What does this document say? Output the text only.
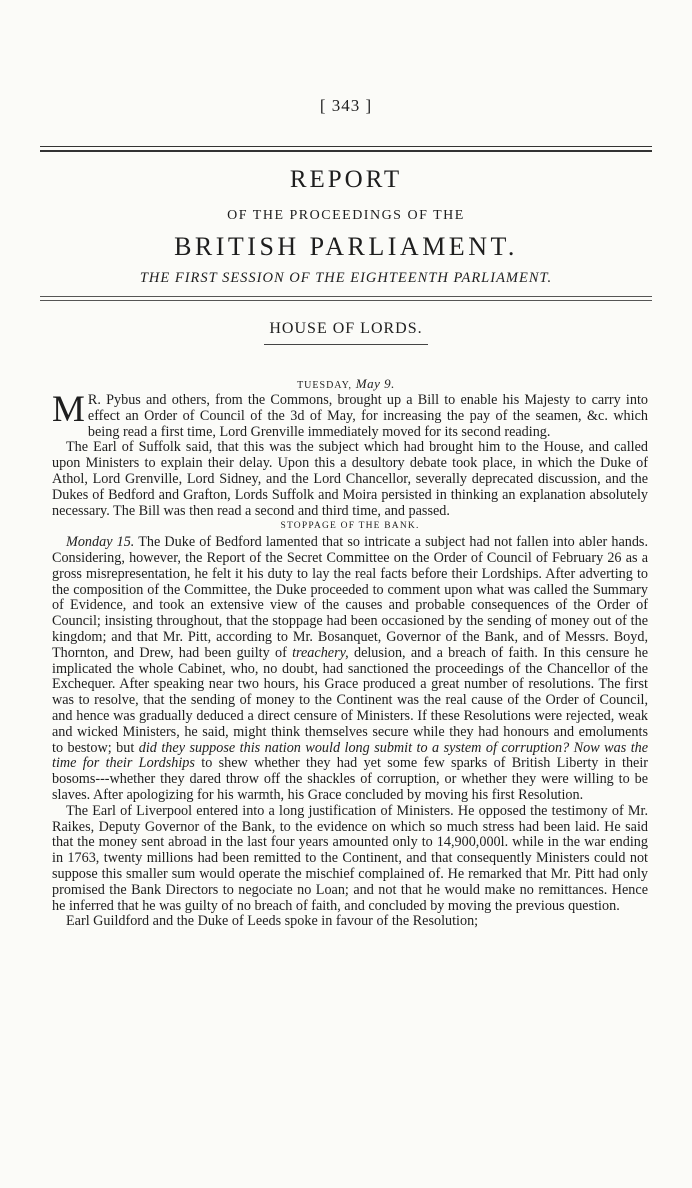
[ 343 ]
REPORT
OF THE PROCEEDINGS OF THE
BRITISH PARLIAMENT.
THE FIRST SESSION OF THE EIGHTEENTH PARLIAMENT.
HOUSE OF LORDS.
TUESDAY, May 9.

M R. Pybus and others, from the Commons, brought up a Bill to enable his Majesty to carry into effect an Order of Council of the 3d of May, for increasing the pay of the seamen, &c. which being read a first time, Lord Grenville immediately moved for its second reading.

The Earl of Suffolk said, that this was the subject which had brought him to the House, and called upon Ministers to explain their delay. Upon this a desultory debate took place, in which the Duke of Athol, Lord Grenville, Lord Sidney, and the Lord Chancellor, severally deprecated discussion, and the Dukes of Bedford and Grafton, Lords Suffolk and Moira persisted in thinking an explanation absolutely necessary. The Bill was then read a second and third time, and passed.

STOPPAGE OF THE BANK.

Monday 15. The Duke of Bedford lamented that so intricate a subject had not fallen into abler hands. Considering, however, the Report of the Secret Committee on the Order of Council of February 26 as a gross misrepresentation, he felt it his duty to lay the real facts before their Lordships. After adverting to the composition of the Committee, the Duke proceeded to comment upon what was called the Summary of Evidence, and took an extensive view of the causes and probable consequences of the Order of Council; insisting throughout, that the stoppage had been occasioned by the sending of money out of the kingdom; and that Mr. Pitt, according to Mr. Bosanquet, Governor of the Bank, and of Messrs. Boyd, Thornton, and Drew, had been guilty of treachery, delusion, and a breach of faith. In this censure he implicated the whole Cabinet, who, no doubt, had sanctioned the proceedings of the Chancellor of the Exchequer. After speaking near two hours, his Grace produced a great number of resolutions. The first was to resolve, that the sending of money to the Continent was the real cause of the Order of Council, and hence was gradually deduced a direct censure of Ministers. If these Resolutions were rejected, weak and wicked Ministers, he said, might think themselves secure while they had honours and emoluments to bestow; but did they suppose this nation would long submit to a system of corruption? Now was the time for their Lordships to shew whether they had yet some few sparks of British Liberty in their bosoms---whether they dared throw off the shackles of corruption, or whether they were willing to be slaves. After apologizing for his warmth, his Grace concluded by moving his first Resolution.

The Earl of Liverpool entered into a long justification of Ministers. He opposed the testimony of Mr. Raikes, Deputy Governor of the Bank, to the evidence on which so much stress had been laid. He said that the money sent abroad in the last four years amounted only to 14,900,000l. while in the war ending in 1763, twenty millions had been remitted to the Continent, and that consequently Ministers could not suppose this smaller sum would operate the mischief complained of. He remarked that Mr. Pitt had only promised the Bank Directors to negociate no Loan; and not that he would make no remittances. Hence he inferred that he was guilty of no breach of faith, and concluded by moving the previous question.

Earl Guildford and the Duke of Leeds spoke in favour of the Resolution;
